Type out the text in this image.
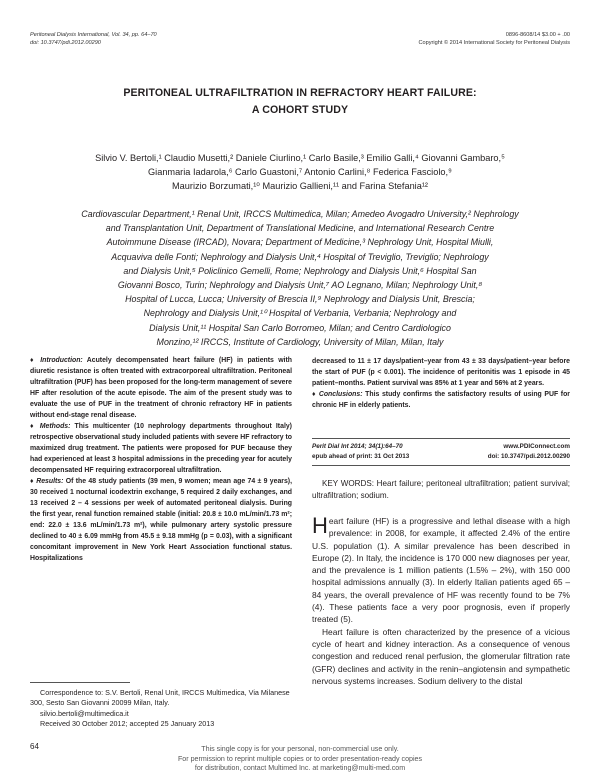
Peritoneal Dialysis International, Vol. 34, pp. 64–70
doi: 10.3747/pdi.2012.00290
0896-8608/14 $3.00 + .00
Copyright © 2014 International Society for Peritoneal Dialysis
PERITONEAL ULTRAFILTRATION IN REFRACTORY HEART FAILURE:
A COHORT STUDY
Silvio V. Bertoli,¹ Claudio Musetti,² Daniele Ciurlino,¹ Carlo Basile,³ Emilio Galli,⁴ Giovanni Gambaro,⁵
Gianmaria Iadarola,⁶ Carlo Guastoni,⁷ Antonio Carlini,⁸ Federica Fasciolo,⁹
Maurizio Borzumati,¹⁰ Maurizio Gallieni,¹¹ and Farina Stefania¹²
Cardiovascular Department,¹ Renal Unit, IRCCS Multimedica, Milan; Amedeo Avogadro University,² Nephrology
and Transplantation Unit, Department of Translational Medicine, and International Research Centre
Autoimmune Disease (IRCAD), Novara; Department of Medicine,³ Nephrology Unit, Hospital Miulli,
Acquaviva delle Fonti; Nephrology and Dialysis Unit,⁴ Hospital of Treviglio, Treviglio; Nephrology
and Dialysis Unit,⁵ Policlinico Gemelli, Rome; Nephrology and Dialysis Unit,⁶ Hospital San
Giovanni Bosco, Turin; Nephrology and Dialysis Unit,⁷ AO Legnano, Milan; Nephrology Unit,⁸
Hospital of Lucca, Lucca; University of Brescia II,⁹ Nephrology and Dialysis Unit, Brescia;
Nephrology and Dialysis Unit,¹⁰ Hospital of Verbania, Verbania; Nephrology and
Dialysis Unit,¹¹ Hospital San Carlo Borromeo, Milan; and Centro Cardiologico
Monzino,¹² IRCCS, Institute of Cardiology, University of Milan, Milan, Italy

♦ Introduction: Acutely decompensated heart failure (HF) in patients with diuretic resistance is often treated with extracorporeal ultrafiltration. Peritoneal ultrafiltration (PUF) has been proposed for the long-term management of severe HF after resolution of the acute episode. The aim of the present study was to evaluate the use of PUF in the treatment of chronic refractory HF in patients without end-stage renal disease.

♦ Methods: This multicenter (10 nephrology departments throughout Italy) retrospective observational study included patients with severe HF refractory to maximized drug treatment. The patients were proposed for PUF because they had experienced at least 3 hospital admissions in the preceding year for acutely decompensated HF requiring extracorporeal ultrafiltration.

♦ Results: Of the 48 study patients (39 men, 9 women; mean age 74 ± 9 years), 30 received 1 nocturnal icodextrin exchange, 5 required 2 daily exchanges, and 13 received 2 – 4 sessions per week of automated peritoneal dialysis. During the first year, renal function remained stable (initial: 20.8 ± 10.0 mL/min/1.73 m²; end: 22.0 ± 13.6 mL/min/1.73 m²), while pulmonary artery systolic pressure declined to 40 ± 6.09 mmHg from 45.5 ± 9.18 mmHg (p = 0.03), with a significant concomitant improvement in New York Heart Association functional status. Hospitalizations

decreased to 11 ± 17 days/patient–year from 43 ± 33 days/patient–year before the start of PUF (p < 0.001). The incidence of peritonitis was 1 episode in 45 patient–months. Patient survival was 85% at 1 year and 56% at 2 years.

♦ Conclusions: This study confirms the satisfactory results of using PUF for chronic HF in elderly patients.

Perit Dial Int 2014; 34(1):64–70	www.PDIConnect.com
epub ahead of print: 31 Oct 2013	doi: 10.3747/pdi.2012.00290
KEY WORDS: Heart failure; peritoneal ultrafiltration; patient survival; ultrafiltration; sodium.

Heart failure (HF) is a progressive and lethal disease with a high prevalence: in 2008, for example, it affected 2.4% of the entire U.S. population (1). A similar prevalence has been described in Europe (2). In Italy, the incidence is 170 000 new diagnoses per year, and the prevalence is 1 million patients (1.5% – 2%), with 150 000 hospital admissions annually (3). In elderly Italian patients aged 65 – 84 years, the overall prevalence of HF was recently found to be 7% (4). These patients face a very poor prognosis, even if properly treated (5).

Heart failure is often characterized by the presence of a vicious cycle of heart and kidney interaction. As a consequence of venous congestion and reduced renal perfusion, the glomerular filtration rate (GFR) declines and activity in the renin–angiotensin and sympathetic nervous systems increases. Sodium delivery to the distal

Correspondence to: S.V. Bertoli, Renal Unit, IRCCS Multimedica, Via Milanese 300, Sesto San Giovanni 20099 Milan, Italy.

silvio.bertoli@multimedica.it

Received 30 October 2012; accepted 25 January 2013

64	This single copy is for your personal, non-commercial use only.
For permission to reprint multiple copies or to order presentation-ready copies
for distribution, contact Multimed Inc. at marketing@multi-med.com
